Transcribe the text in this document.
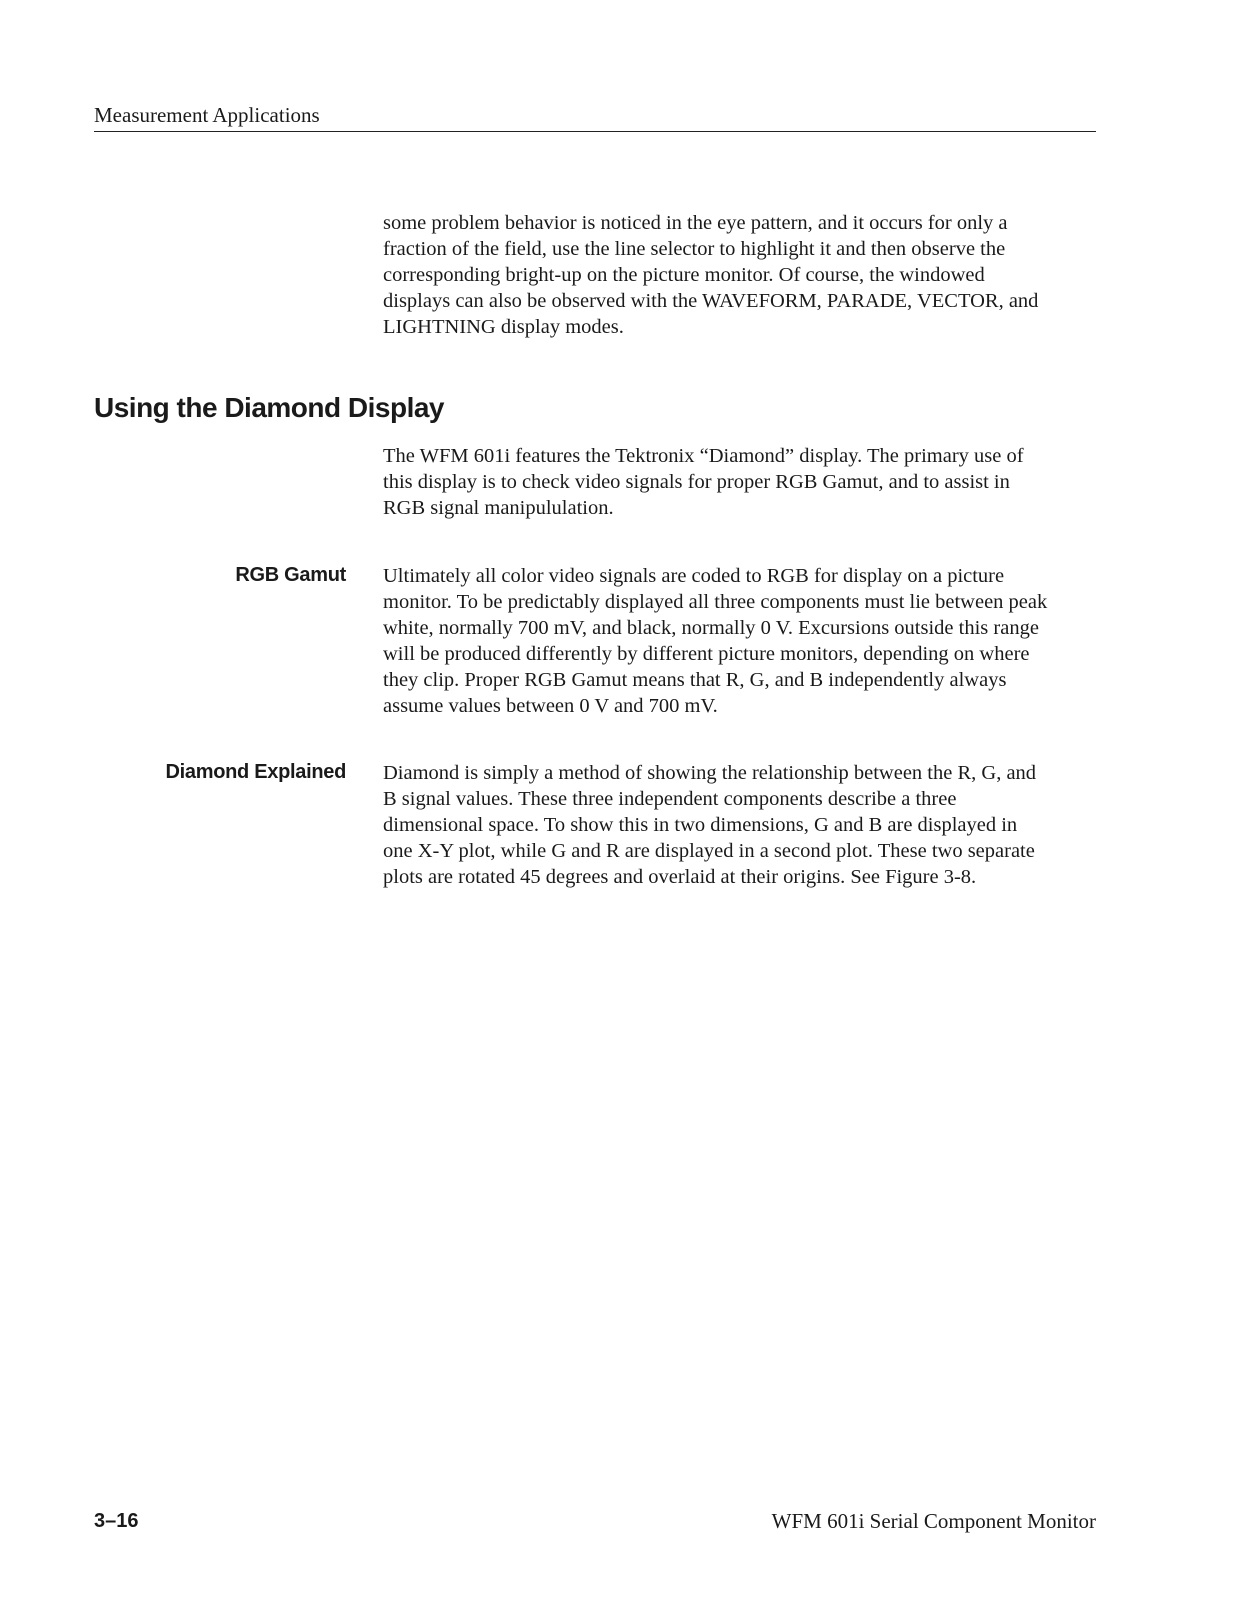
Measurement Applications
some problem behavior is noticed in the eye pattern, and it occurs for only a
fraction of the field, use the line selector to highlight it and then observe the
corresponding bright-up on the picture monitor. Of course, the windowed
displays can also be observed with the WAVEFORM, PARADE, VECTOR, and
LIGHTNING display modes.
Using the Diamond Display
The WFM 601i features the Tektronix “Diamond” display. The primary use of
this display is to check video signals for proper RGB Gamut, and to assist in
RGB signal manipululation.
RGB Gamut Ultimately all color video signals are coded to RGB for display on a picture
monitor. To be predictably displayed all three components must lie between peak
white, normally 700 mV, and black, normally 0 V. Excursions outside this range
will be produced differently by different picture monitors, depending on where
they clip. Proper RGB Gamut means that R, G, and B independently always
assume values between 0 V and 700 mV.
Diamond Explained Diamond is simply a method of showing the relationship between the R, G, and
B signal values. These three independent components describe a three
dimensional space. To show this in two dimensions, G and B are displayed in
one X-Y plot, while G and R are displayed in a second plot. These two separate
plots are rotated 45 degrees and overlaid at their origins. See Figure 3-8.
3–16	WFM 601i Serial Component Monitor
